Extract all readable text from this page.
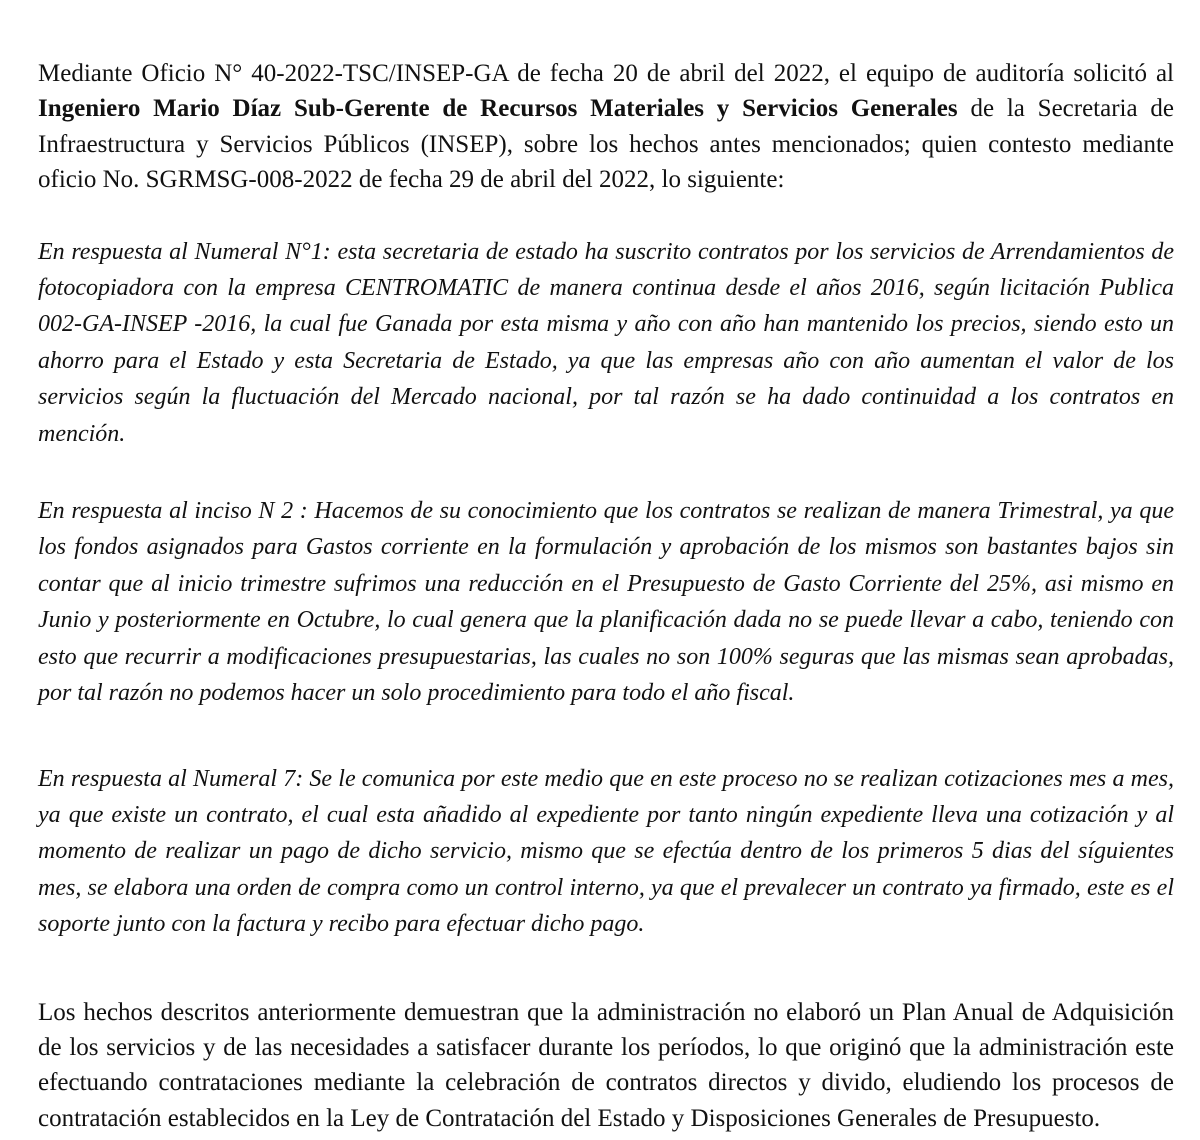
Mediante Oficio N° 40-2022-TSC/INSEP-GA de fecha 20 de abril del 2022, el equipo de auditoría solicitó al Ingeniero Mario Díaz Sub-Gerente de Recursos Materiales y Servicios Generales de la Secretaria de Infraestructura y Servicios Públicos (INSEP), sobre los hechos antes mencionados; quien contesto mediante oficio No. SGRMSG-008-2022 de fecha 29 de abril del 2022, lo siguiente:

En respuesta al Numeral N°1: esta secretaria de estado ha suscrito contratos por los servicios de Arrendamientos de fotocopiadora con la empresa CENTROMATIC de manera continua desde el años 2016, según licitación Publica 002-GA-INSEP -2016, la cual fue Ganada por esta misma y año con año han mantenido los precios, siendo esto un ahorro para el Estado y esta Secretaria de Estado, ya que las empresas año con año aumentan el valor de los servicios según la fluctuación del Mercado nacional, por tal razón se ha dado continuidad a los contratos en mención.

En respuesta al inciso N 2 : Hacemos de su conocimiento que los contratos se realizan de manera Trimestral, ya que los fondos asignados para Gastos corriente en la formulación y aprobación de los mismos son bastantes bajos sin contar que al inicio trimestre sufrimos una reducción en el Presupuesto de Gasto Corriente del 25%, asi mismo en Junio y posteriormente en Octubre, lo cual genera que la planificación dada no se puede llevar a cabo, teniendo con esto que recurrir a modificaciones presupuestarias, las cuales no son 100% seguras que las mismas sean aprobadas, por tal razón no podemos hacer un solo procedimiento para todo el año fiscal.

En respuesta al Numeral 7: Se le comunica por este medio que en este proceso no se realizan cotizaciones mes a mes, ya que existe un contrato, el cual esta añadido al expediente por tanto ningún expediente lleva una cotización y al momento de realizar un pago de dicho servicio, mismo que se efectúa dentro de los primeros 5 dias del síguientes mes, se elabora una orden de compra como un control interno, ya que el prevalecer un contrato ya firmado, este es el soporte junto con la factura y recibo para efectuar dicho pago.

Los hechos descritos anteriormente demuestran que la administración no elaboró un Plan Anual de Adquisición de los servicios y de las necesidades a satisfacer durante los períodos, lo que originó que la administración este efectuando contrataciones mediante la celebración de contratos directos y divido, eludiendo los procesos de contratación establecidos en la Ley de Contratación del Estado y Disposiciones Generales de Presupuesto.
